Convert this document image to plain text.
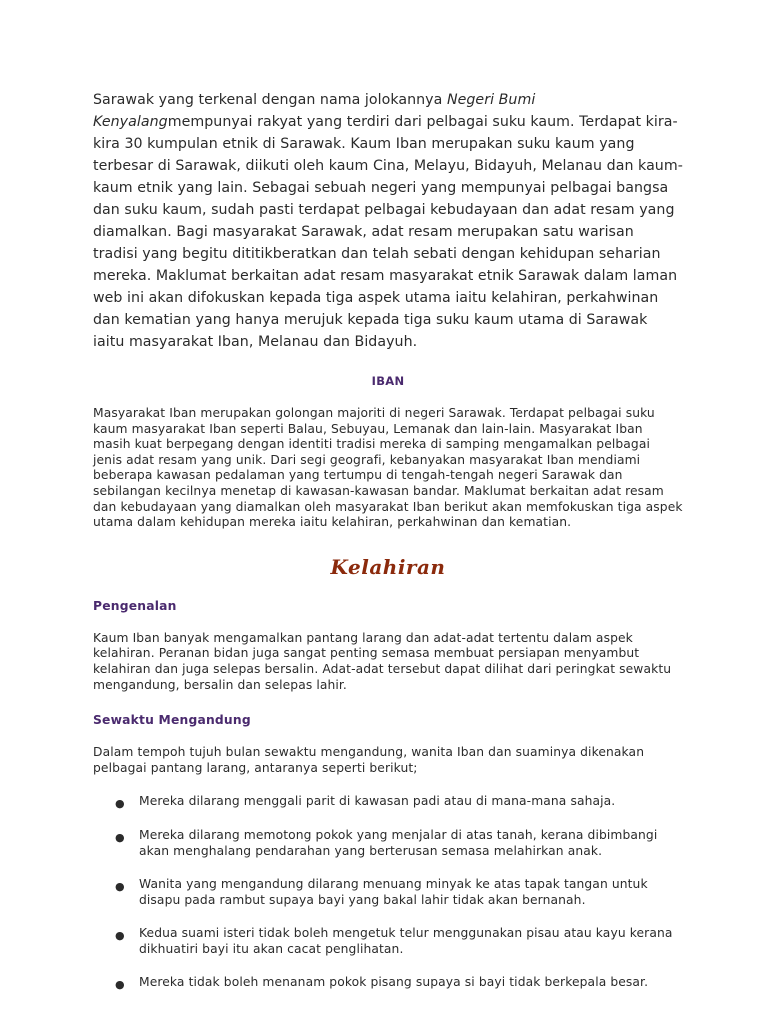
Sarawak yang terkenal dengan nama jolokannya Negeri Bumi Kenyalangmempunyai rakyat yang terdiri dari pelbagai suku kaum. Terdapat kira-kira 30 kumpulan etnik di Sarawak. Kaum Iban merupakan suku kaum yang terbesar di Sarawak, diikuti oleh kaum Cina, Melayu, Bidayuh, Melanau dan kaum-kaum etnik yang lain. Sebagai sebuah negeri yang mempunyai pelbagai bangsa dan suku kaum, sudah pasti terdapat pelbagai kebudayaan dan adat resam yang diamalkan. Bagi masyarakat Sarawak, adat resam merupakan satu warisan tradisi yang begitu dititikberatkan dan telah sebati dengan kehidupan seharian mereka. Maklumat berkaitan adat resam masyarakat etnik Sarawak dalam laman web ini akan difokuskan kepada tiga aspek utama iaitu kelahiran, perkahwinan dan kematian yang hanya merujuk kepada tiga suku kaum utama di Sarawak iaitu masyarakat Iban, Melanau dan Bidayuh.

IBAN

Masyarakat Iban merupakan golongan majoriti di negeri Sarawak. Terdapat pelbagai suku kaum masyarakat Iban seperti Balau, Sebuyau, Lemanak dan lain-lain. Masyarakat Iban masih kuat berpegang dengan identiti tradisi mereka di samping mengamalkan pelbagai jenis adat resam yang unik. Dari segi geografi, kebanyakan masyarakat Iban mendiami beberapa kawasan pedalaman yang tertumpu di tengah-tengah negeri Sarawak dan sebilangan kecilnya menetap di kawasan-kawasan bandar. Maklumat berkaitan adat resam dan kebudayaan yang diamalkan oleh masyarakat Iban berikut akan memfokuskan tiga aspek utama dalam kehidupan mereka iaitu kelahiran, perkahwinan dan kematian.

Kelahiran
Pengenalan

Kaum Iban banyak mengamalkan pantang larang dan adat-adat tertentu dalam aspek kelahiran. Peranan bidan juga sangat penting semasa membuat persiapan menyambut kelahiran dan juga selepas bersalin. Adat-adat tersebut dapat dilihat dari peringkat sewaktu mengandung, bersalin dan selepas lahir.

Sewaktu Mengandung

Dalam tempoh tujuh bulan sewaktu mengandung, wanita Iban dan suaminya dikenakan pelbagai pantang larang, antaranya seperti berikut;

● Mereka dilarang menggali parit di kawasan padi atau di mana-mana sahaja.
● Mereka dilarang memotong pokok yang menjalar di atas tanah, kerana dibimbangi akan menghalang pendarahan yang berterusan semasa melahirkan anak.
● Wanita yang mengandung dilarang menuang minyak ke atas tapak tangan untuk disapu pada rambut supaya bayi yang bakal lahir tidak akan bernanah.
● Kedua suami isteri tidak boleh mengetuk telur menggunakan pisau atau kayu kerana dikhuatiri bayi itu akan cacat penglihatan.
● Mereka tidak boleh menanam pokok pisang supaya si bayi tidak berkepala besar.
